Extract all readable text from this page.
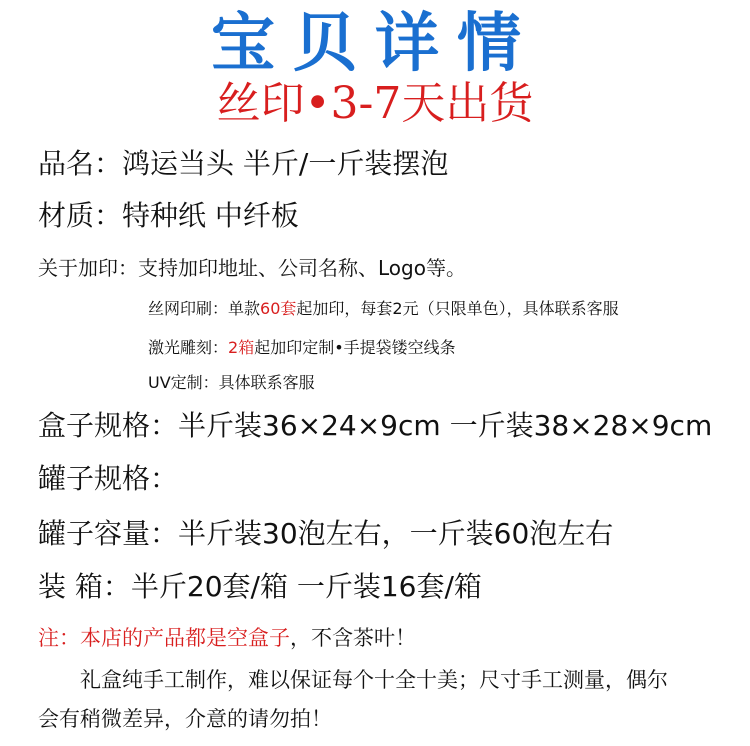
宝贝详情
丝印•3-7天出货
品名：鸿运当头 半斤/一斤装摆泡
材质：特种纸 中纤板
关于加印：支持加印地址、公司名称、Logo等。
丝网印刷：单款60套起加印，每套2元（只限单色），具体联系客服
激光雕刻：2箱起加印定制•手提袋镂空线条
UV定制：具体联系客服
盒子规格：半斤装36×24×9cm 一斤装38×28×9cm
罐子规格：
罐子容量：半斤装30泡左右，一斤装60泡左右
装 箱：半斤20套/箱 一斤装16套/箱
注：本店的产品都是空盒子，不含茶叶！
礼盒纯手工制作，难以保证每个十全十美；尺寸手工测量，偶尔
会有稍微差异，介意的请勿拍！
